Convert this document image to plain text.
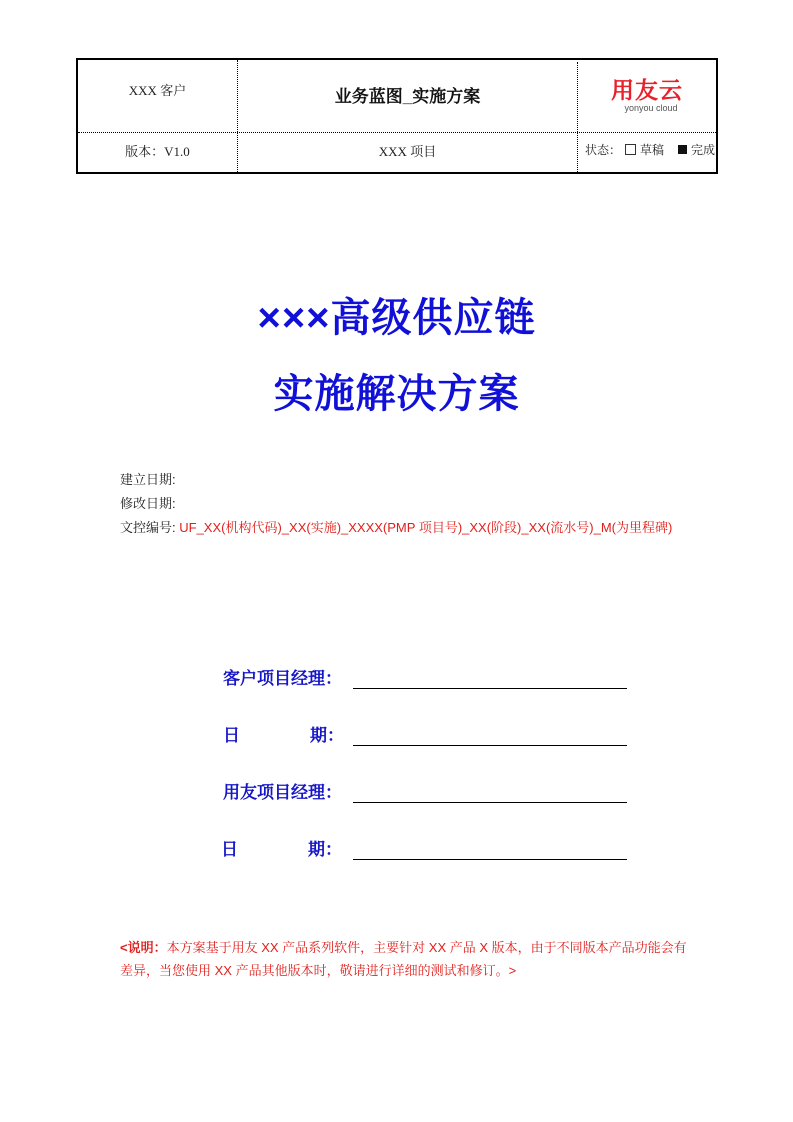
XXX 客户	业务蓝图_实施方案	用友云
yonyou cloud
版本：V1.0	XXX 项目	状态： 草稿 完成
×××高级供应链
实施解决方案
建立日期:
修改日期:
文控编号: UF_XX(机构代码)_XX(实施)_XXXX(PMP 项目号)_XX(阶段)_XX(流水号)_M(为里程碑)
客户项目经理：
日	期：
用友项目经理：
日	期：
<说明：本方案基于用友 XX 产品系列软件，主要针对 XX 产品 X 版本，由于不同版本产品功能会有差异，当您使用 XX 产品其他版本时，敬请进行详细的测试和修订。>
